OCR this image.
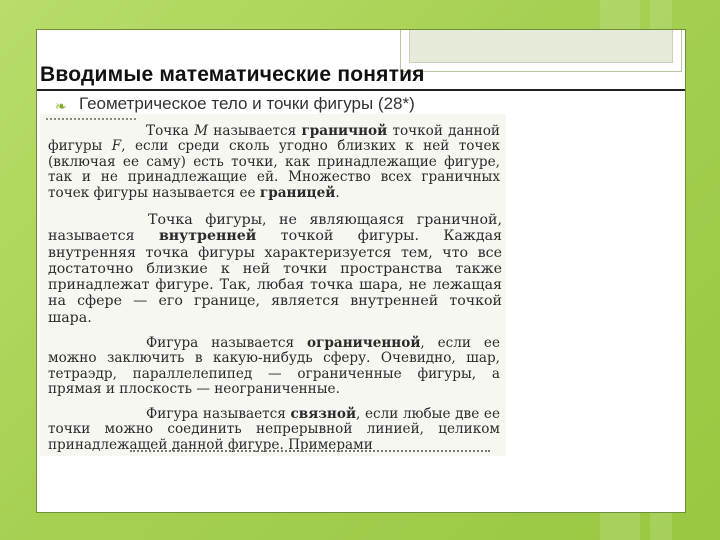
Вводимые математические понятия
❧ Геометрическое тело и точки фигуры (28*)

Точка M называется граничной точкой данной фигуры F, если среди сколь угодно близких к ней точек (включая ее саму) есть точки, как принадлежащие фигуре, так и не принадлежащие ей. Множество всех граничных точек фигуры называется ее границей.

Точка фигуры, не являющаяся граничной, называется внутренней точкой фигуры. Каждая внутренняя точка фигуры характеризуется тем, что все достаточно близкие к ней точки пространства также принадлежат фигуре. Так, любая точка шара, не лежащая на сфере — его границе, является внутренней точкой шара.

Фигура называется ограниченной, если ее можно заключить в какую-нибудь сферу. Очевидно, шар, тетраэдр, параллелепипед — ограниченные фигуры, а прямая и плоскость — неограниченные.

Фигура называется связной, если любые две ее точки можно соединить непрерывной линией, целиком принадлежащей данной фигуре. Примерами
